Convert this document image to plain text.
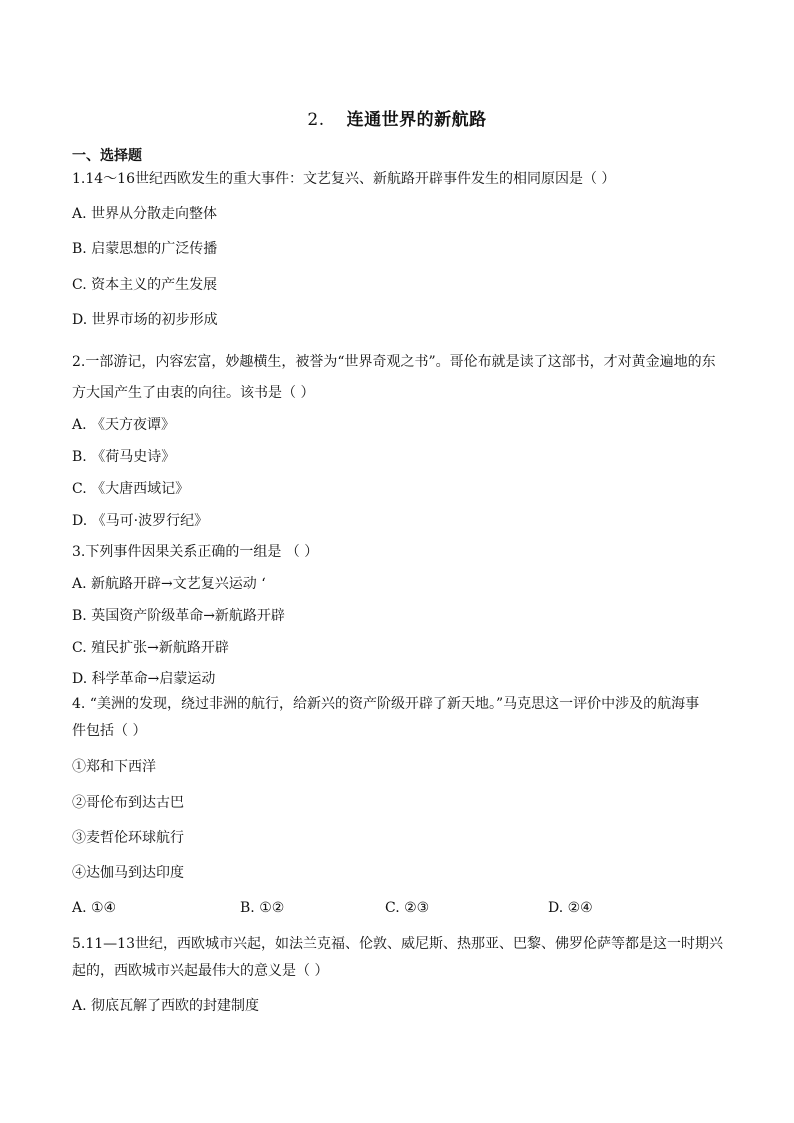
2. 连通世界的新航路
一、选择题
1.14～16世纪西欧发生的重大事件：文艺复兴、新航路开辟事件发生的相同原因是（ ）
A. 世界从分散走向整体
B. 启蒙思想的广泛传播
C. 资本主义的产生发展
D. 世界市场的初步形成
2.一部游记，内容宏富，妙趣横生，被誉为“世界奇观之书”。哥伦布就是读了这部书，才对黄金遍地的东
方大国产生了由衷的向往。该书是（ ）
A. 《天方夜谭》
B. 《荷马史诗》
C. 《大唐西域记》
D. 《马可·波罗行纪》
3.下列事件因果关系正确的一组是 （ ）
A. 新航路开辟→文艺复兴运动 ‘
B. 英国资产阶级革命→新航路开辟
C. 殖民扩张→新航路开辟
D. 科学革命→启蒙运动
4. “美洲的发现，绕过非洲的航行，给新兴的资产阶级开辟了新天地。”马克思这一评价中涉及的航海事
件包括（ ）
①郑和下西洋
②哥伦布到达古巴
③麦哲伦环球航行
④达伽马到达印度
A. ①④	B. ①②	C. ②③	D. ②④
5.11—13世纪，西欧城市兴起，如法兰克福、伦敦、威尼斯、热那亚、巴黎、佛罗伦萨等都是这一时期兴
起的，西欧城市兴起最伟大的意义是（ ）
A. 彻底瓦解了西欧的封建制度
